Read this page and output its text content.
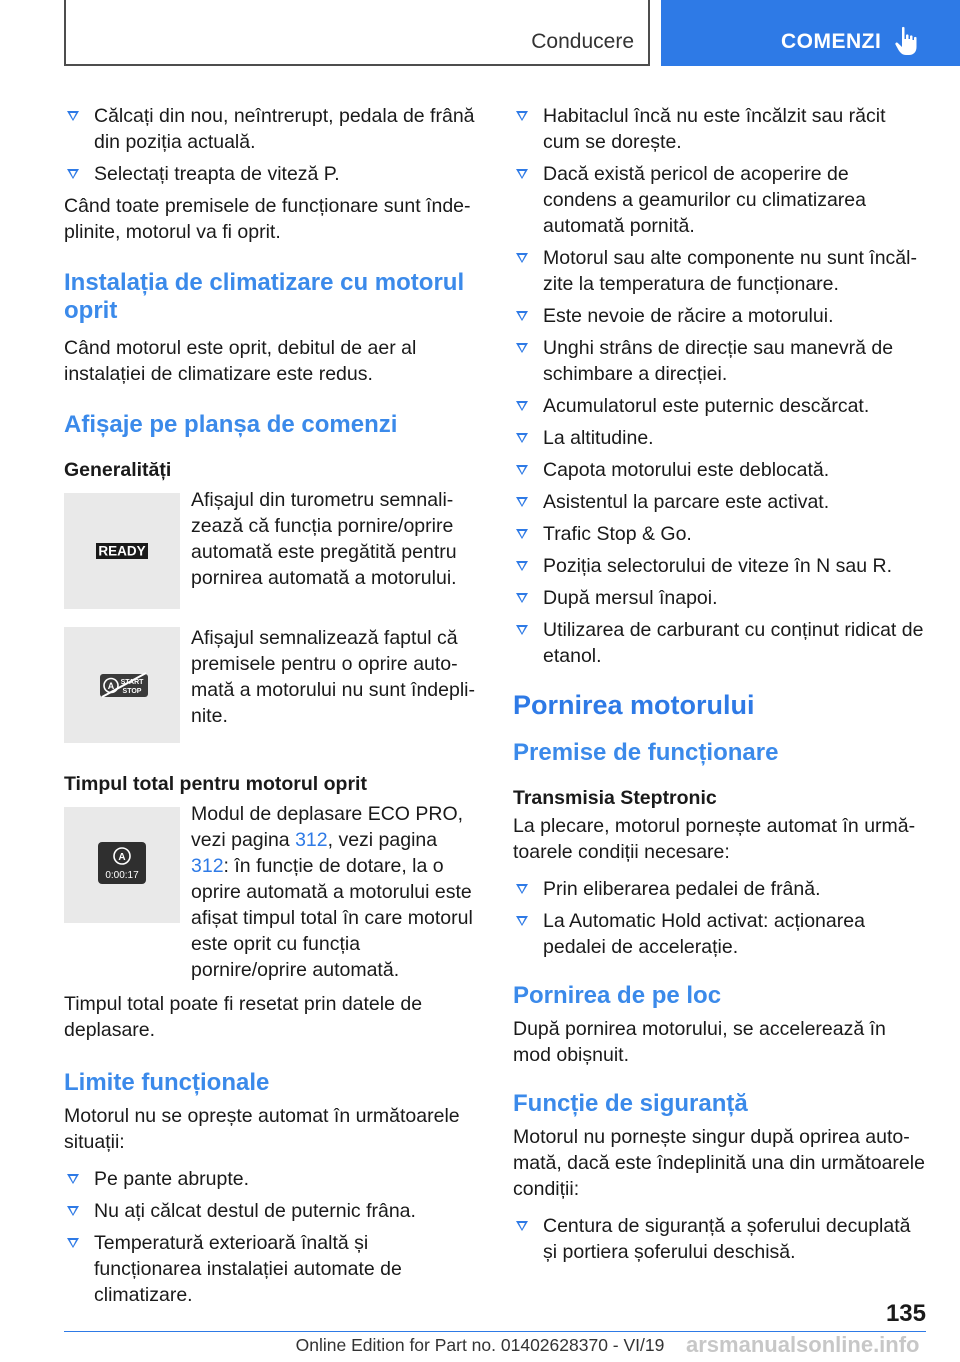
Conducere	COMENZI
Călcați din nou, neîntrerupt, pedala de frână din poziția actuală.
Selectați treapta de viteză P.
Când toate premisele de funcționare sunt îndeplinite, motorul va fi oprit.
Instalația de climatizare cu motorul oprit
Când motorul este oprit, debitul de aer al instalației de climatizare este redus.
Afișaje pe planșa de comenzi
Generalități
READY
Afișajul din turometru semnalizează că funcția pornire/oprire automată este pregătită pentru pornirea automată a motorului.
A START
STOP
Afișajul semnalizează faptul că premisele pentru o oprire automată a motorului nu sunt îndeplinite.
Timpul total pentru motorul oprit
A
0:00:17
Modul de deplasare ECO PRO, vezi pagina 312, vezi pagina 312: în funcție de dotare, la o oprire automată a motorului este afișat timpul total în care motorul este oprit cu funcția pornire/oprire automată.
Timpul total poate fi resetat prin datele de deplasare.
Limite funcționale
Motorul nu se oprește automat în următoarele situații:
Pe pante abrupte.
Nu ați călcat destul de puternic frâna.
Temperatură exterioară înaltă și funcționarea instalației automate de climatizare.
Habitaclul încă nu este încălzit sau răcit cum se dorește.
Dacă există pericol de acoperire de condens a geamurilor cu climatizarea automată pornită.
Motorul sau alte componente nu sunt încălzite la temperatura de funcționare.
Este nevoie de răcire a motorului.
Unghi strâns de direcție sau manevră de schimbare a direcției.
Acumulatorul este puternic descărcat.
La altitudine.
Capota motorului este deblocată.
Asistentul la parcare este activat.
Trafic Stop & Go.
Poziția selectorului de viteze în N sau R.
După mersul înapoi.
Utilizarea de carburant cu conținut ridicat de etanol.
Pornirea motorului
Premise de funcționare
Transmisia Steptronic
La plecare, motorul pornește automat în următoarele condiții necesare:
Prin eliberarea pedalei de frână.
La Automatic Hold activat: acționarea pedalei de accelerație.
Pornirea de pe loc
După pornirea motorului, se accelerează în mod obișnuit.
Funcție de siguranță
Motorul nu pornește singur după oprirea automată, dacă este îndeplinită una din următoarele condiții:
Centura de siguranță a șoferului decuplată și portiera șoferului deschisă.
135
Online Edition for Part no. 01402628370 - VI/19 arsmanualsonline.info
